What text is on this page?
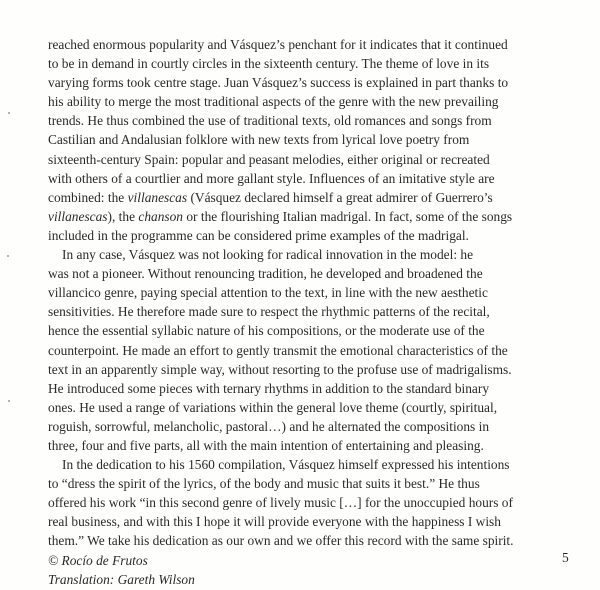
reached enormous popularity and Vásquez’s penchant for it indicates that it continued
to be in demand in courtly circles in the sixteenth century. The theme of love in its
varying forms took centre stage. Juan Vásquez’s success is explained in part thanks to
his ability to merge the most traditional aspects of the genre with the new prevailing
trends. He thus combined the use of traditional texts, old romances and songs from
Castilian and Andalusian folklore with new texts from lyrical love poetry from
sixteenth-century Spain: popular and peasant melodies, either original or recreated
with others of a courtlier and more gallant style. Influences of an imitative style are
combined: the villanescas (Vásquez declared himself a great admirer of Guerrero’s
villanescas), the chanson or the flourishing Italian madrigal. In fact, some of the songs
included in the programme can be considered prime examples of the madrigal.

In any case, Vásquez was not looking for radical innovation in the model: he
was not a pioneer. Without renouncing tradition, he developed and broadened the
villancico genre, paying special attention to the text, in line with the new aesthetic
sensitivities. He therefore made sure to respect the rhythmic patterns of the recital,
hence the essential syllabic nature of his compositions, or the moderate use of the
counterpoint. He made an effort to gently transmit the emotional characteristics of the
text in an apparently simple way, without resorting to the profuse use of madrigalisms.
He introduced some pieces with ternary rhythms in addition to the standard binary
ones. He used a range of variations within the general love theme (courtly, spiritual,
roguish, sorrowful, melancholic, pastoral…) and he alternated the compositions in
three, four and five parts, all with the main intention of entertaining and pleasing.

In the dedication to his 1560 compilation, Vásquez himself expressed his intentions
to “dress the spirit of the lyrics, of the body and music that suits it best.” He thus
offered his work “in this second genre of lively music […] for the unoccupied hours of
real business, and with this I hope it will provide everyone with the happiness I wish
them.” We take his dedication as our own and we offer this record with the same spirit.

© Rocío de Frutos
Translation: Gareth Wilson
5
